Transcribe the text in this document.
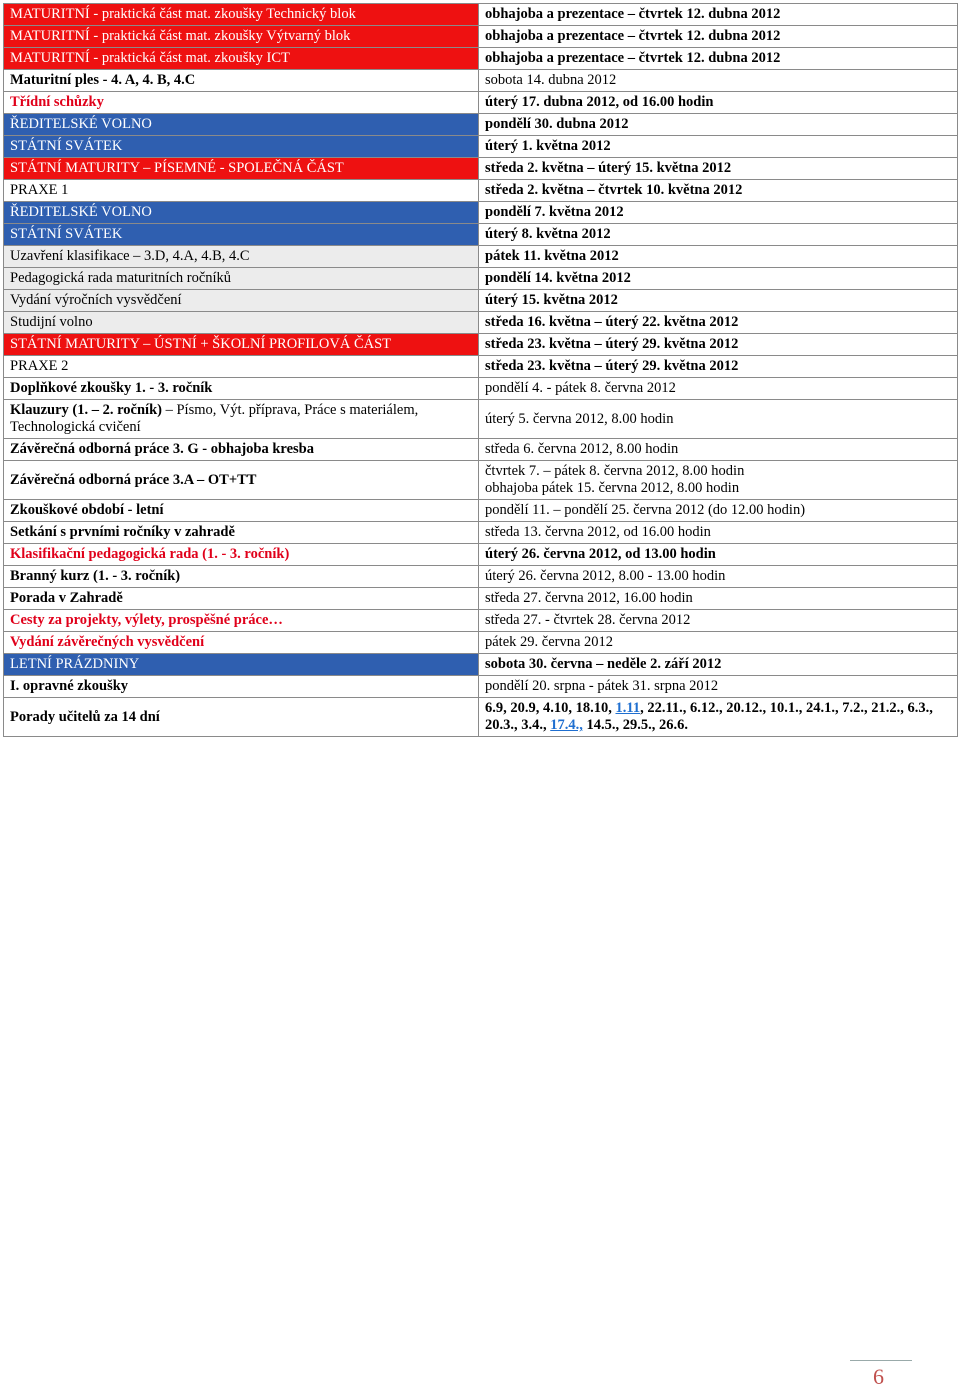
MATURITNÍ - praktická část mat. zkoušky Technický blok	obhajoba a prezentace – čtvrtek 12. dubna 2012
MATURITNÍ - praktická část mat. zkoušky Výtvarný blok	obhajoba a prezentace – čtvrtek 12. dubna 2012
MATURITNÍ - praktická část mat. zkoušky ICT	obhajoba a prezentace – čtvrtek 12. dubna 2012
Maturitní ples - 4. A, 4. B, 4.C	sobota 14. dubna 2012
Třídní schůzky	úterý 17. dubna 2012, od 16.00 hodin
ŘEDITELSKÉ VOLNO	pondělí 30. dubna 2012
STÁTNÍ SVÁTEK	úterý 1. května 2012
STÁTNÍ MATURITY – PÍSEMNÉ - SPOLEČNÁ ČÁST	středa 2. května – úterý 15. května 2012
PRAXE 1	středa 2. května – čtvrtek 10. května 2012
ŘEDITELSKÉ VOLNO	pondělí 7. května 2012
STÁTNÍ SVÁTEK	úterý 8. května 2012
Uzavření klasifikace – 3.D, 4.A, 4.B, 4.C	pátek 11. května 2012
Pedagogická rada maturitních ročníků	pondělí 14. května 2012
Vydání výročních vysvědčení	úterý 15. května 2012
Studijní volno	středa 16. května – úterý 22. května 2012
STÁTNÍ MATURITY – ÚSTNÍ + ŠKOLNÍ PROFILOVÁ ČÁST	středa 23. května – úterý 29. května 2012
PRAXE 2	středa 23. května – úterý 29. května 2012
Doplňkové zkoušky 1. - 3. ročník	pondělí 4. - pátek 8. června 2012
Klauzury (1. – 2. ročník) – Písmo, Výt. příprava, Práce s materiálem, Technologická cvičení	úterý 5. června 2012, 8.00 hodin
Závěrečná odborná práce 3. G - obhajoba kresba	středa 6. června 2012, 8.00 hodin
Závěrečná odborná práce 3.A – OT+TT	čtvrtek 7. – pátek 8. června 2012, 8.00 hodin
obhajoba pátek 15. června 2012, 8.00 hodin

Zkouškové období - letní	pondělí 11. – pondělí 25. června 2012 (do 12.00 hodin)
Setkání s prvními ročníky v zahradě	středa 13. června 2012, od 16.00 hodin
Klasifikační pedagogická rada (1. - 3. ročník)	úterý 26. června 2012, od 13.00 hodin
Branný kurz (1. - 3. ročník)	úterý 26. června 2012, 8.00 - 13.00 hodin
Porada v Zahradě	středa 27. června 2012, 16.00 hodin
Cesty za projekty, výlety, prospěšné práce…	středa 27. - čtvrtek 28. června 2012
Vydání závěrečných vysvědčení	pátek 29. června 2012
LETNÍ PRÁZDNINY	sobota 30. června – neděle 2. září 2012
I. opravné zkoušky	pondělí 20. srpna - pátek 31. srpna 2012
Porady učitelů za 14 dní	6.9, 20.9, 4.10, 18.10, 1.11, 22.11., 6.12., 20.12., 10.1., 24.1., 7.2., 21.2., 6.3., 20.3., 3.4., 17.4., 14.5., 29.5., 26.6.
6
